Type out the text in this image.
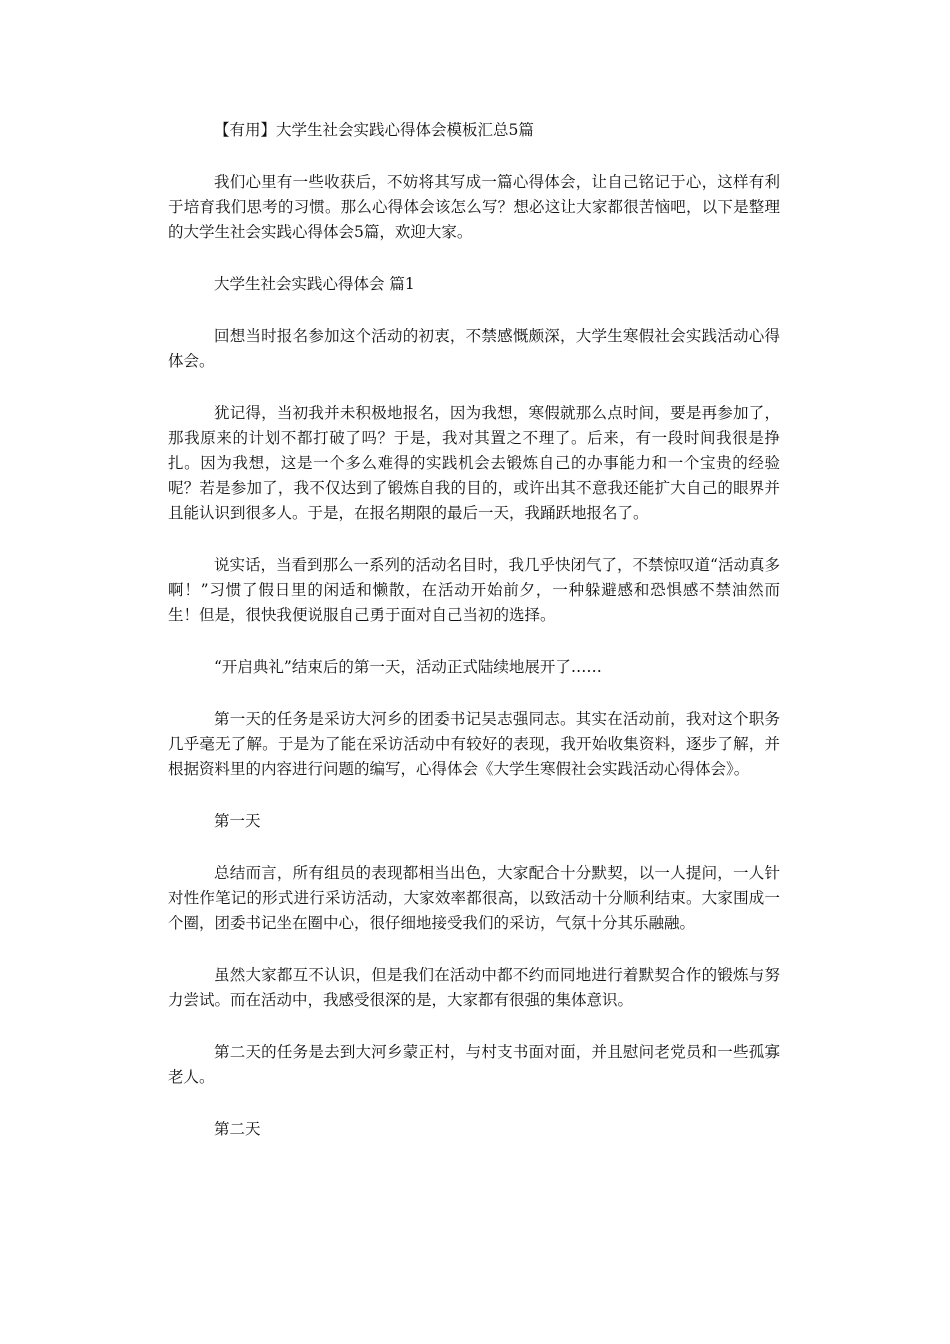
【有用】大学生社会实践心得体会模板汇总5篇

我们心里有一些收获后，不妨将其写成一篇心得体会，让自己铭记于心，这样有利于培育我们思考的习惯。那么心得体会该怎么写？想必这让大家都很苦恼吧，以下是整理的大学生社会实践心得体会5篇，欢迎大家。

大学生社会实践心得体会 篇1

回想当时报名参加这个活动的初衷，不禁感慨颇深，大学生寒假社会实践活动心得体会。

犹记得，当初我并未积极地报名，因为我想，寒假就那么点时间，要是再参加了，那我原来的计划不都打破了吗？于是，我对其置之不理了。后来，有一段时间我很是挣扎。因为我想，这是一个多么难得的实践机会去锻炼自己的办事能力和一个宝贵的经验呢？若是参加了，我不仅达到了锻炼自我的目的，或许出其不意我还能扩大自己的眼界并且能认识到很多人。于是，在报名期限的最后一天，我踊跃地报名了。

说实话，当看到那么一系列的活动名目时，我几乎快闭气了，不禁惊叹道“活动真多啊！”习惯了假日里的闲适和懒散，在活动开始前夕，一种躲避感和恐惧感不禁油然而生！但是，很快我便说服自己勇于面对自己当初的选择。

“开启典礼”结束后的第一天，活动正式陆续地展开了……

第一天的任务是采访大河乡的团委书记吴志强同志。其实在活动前，我对这个职务几乎毫无了解。于是为了能在采访活动中有较好的表现，我开始收集资料，逐步了解，并根据资料里的内容进行问题的编写，心得体会《大学生寒假社会实践活动心得体会》。

第一天

总结而言，所有组员的表现都相当出色，大家配合十分默契，以一人提问，一人针对性作笔记的形式进行采访活动，大家效率都很高，以致活动十分顺利结束。大家围成一个圈，团委书记坐在圈中心，很仔细地接受我们的采访，气氛十分其乐融融。

虽然大家都互不认识，但是我们在活动中都不约而同地进行着默契合作的锻炼与努力尝试。而在活动中，我感受很深的是，大家都有很强的集体意识。

第二天的任务是去到大河乡蒙正村，与村支书面对面，并且慰问老党员和一些孤寡老人。

第二天
